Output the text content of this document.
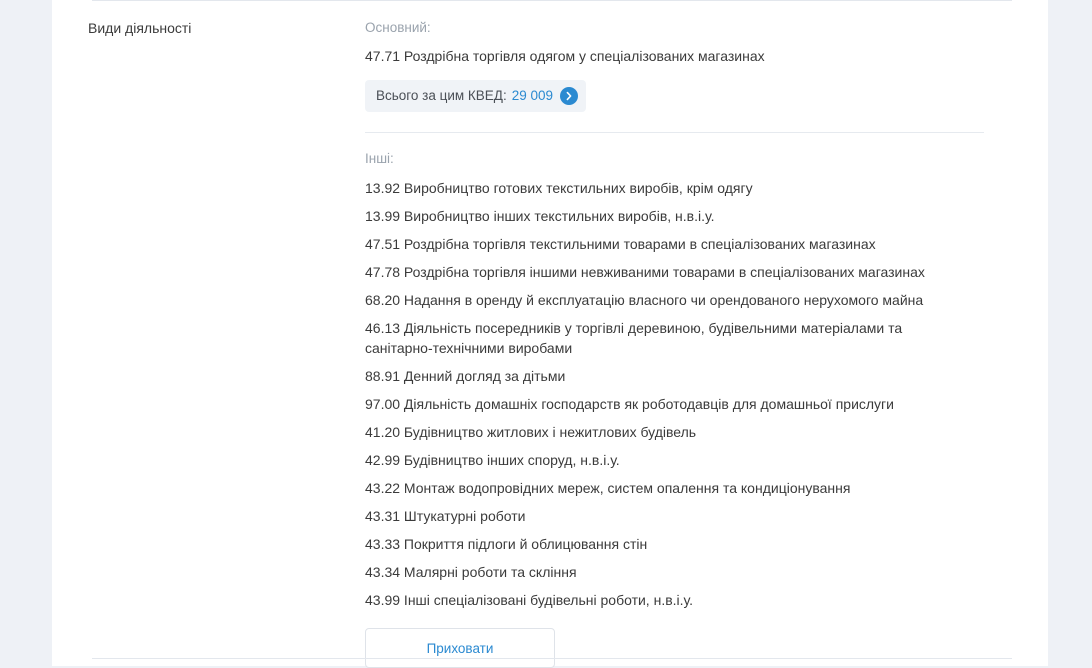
Види діяльності	Основний:
47.71 Роздрібна торгівля одягом у спеціалізованих магазинах
Всього за цим КВЕД: 29 009
Інші:
13.92 Виробництво готових текстильних виробів, крім одягу
13.99 Виробництво інших текстильних виробів, н.в.і.у.
47.51 Роздрібна торгівля текстильними товарами в спеціалізованих магазинах
47.78 Роздрібна торгівля іншими невживаними товарами в спеціалізованих магазинах
68.20 Надання в оренду й експлуатацію власного чи орендованого нерухомого майна
46.13 Діяльність посередників у торгівлі деревиною, будівельними матеріалами та санітарно-технічними виробами
88.91 Денний догляд за дітьми
97.00 Діяльність домашніх господарств як роботодавців для домашньої прислуги
41.20 Будівництво житлових і нежитлових будівель
42.99 Будівництво інших споруд, н.в.і.у.
43.22 Монтаж водопровідних мереж, систем опалення та кондиціонування
43.31 Штукатурні роботи
43.33 Покриття підлоги й облицювання стін
43.34 Малярні роботи та скління
43.99 Інші спеціалізовані будівельні роботи, н.в.і.у.
Приховати
